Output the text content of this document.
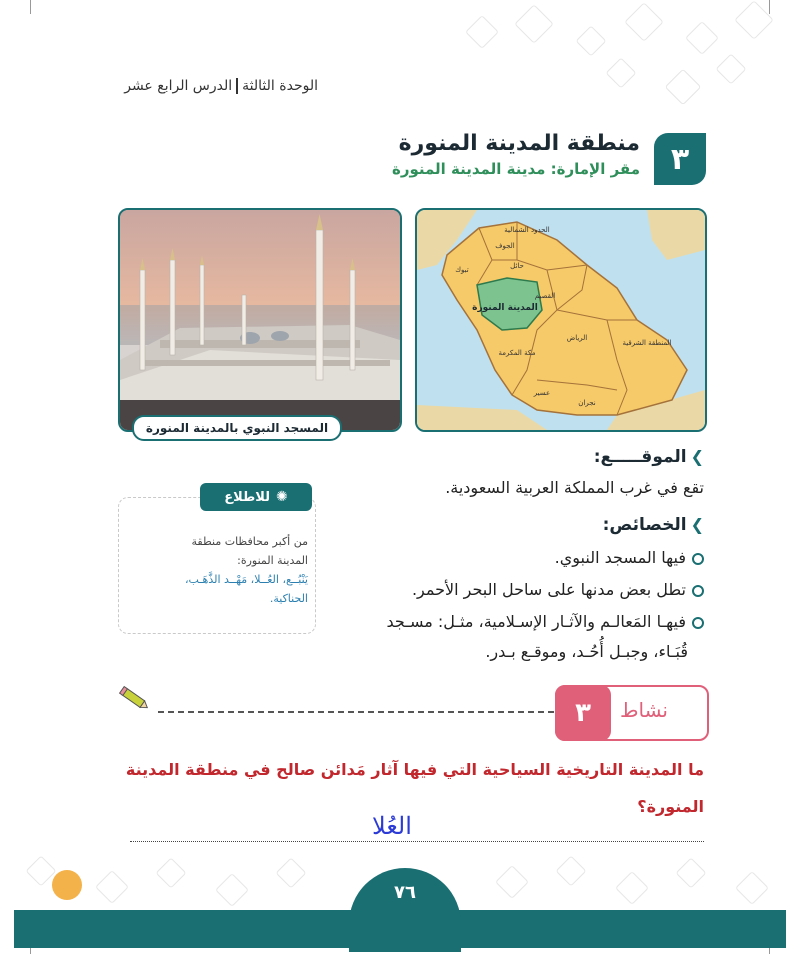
الوحدة الثالثةالدرس الرابع عشر
٣
منطقة المدينة المنورة
مقر الإمارة: مدينة المدينة المنورة
المسجد النبوي بالمدينة المنورة
الحدود الشمالية
الجوف
تبوك	حائل
القصيم
الرياض
المنطقة الشرقية
مكة المكرمة
عسير
نجران
المدينة المنورة
❯الموقـــــع:
تقع في غرب المملكة العربية السعودية.
❯الخصائص:
فيها المسجد النبوي.
تطل بعض مدنها على ساحل البحر الأحمر.
فيهـا المَعالـم والآثـار الإسـلامية، مثـل: مسـجد
قُبَـاء، وجبـل أُحُـد، وموقـع بـدر.
✺
للاطلاع
من أكبر محافظات منطقة
المدينة المنورة:
يَنْبُــع، العُــلا، مَهْــد الذَّهَـب،
الحناكية.
٣	نشاط
ما المدينة التاريخية السياحية التي فيها آثار مَدائن صالح في منطقة المدينة
المنورة؟
العُلا
٧٦
